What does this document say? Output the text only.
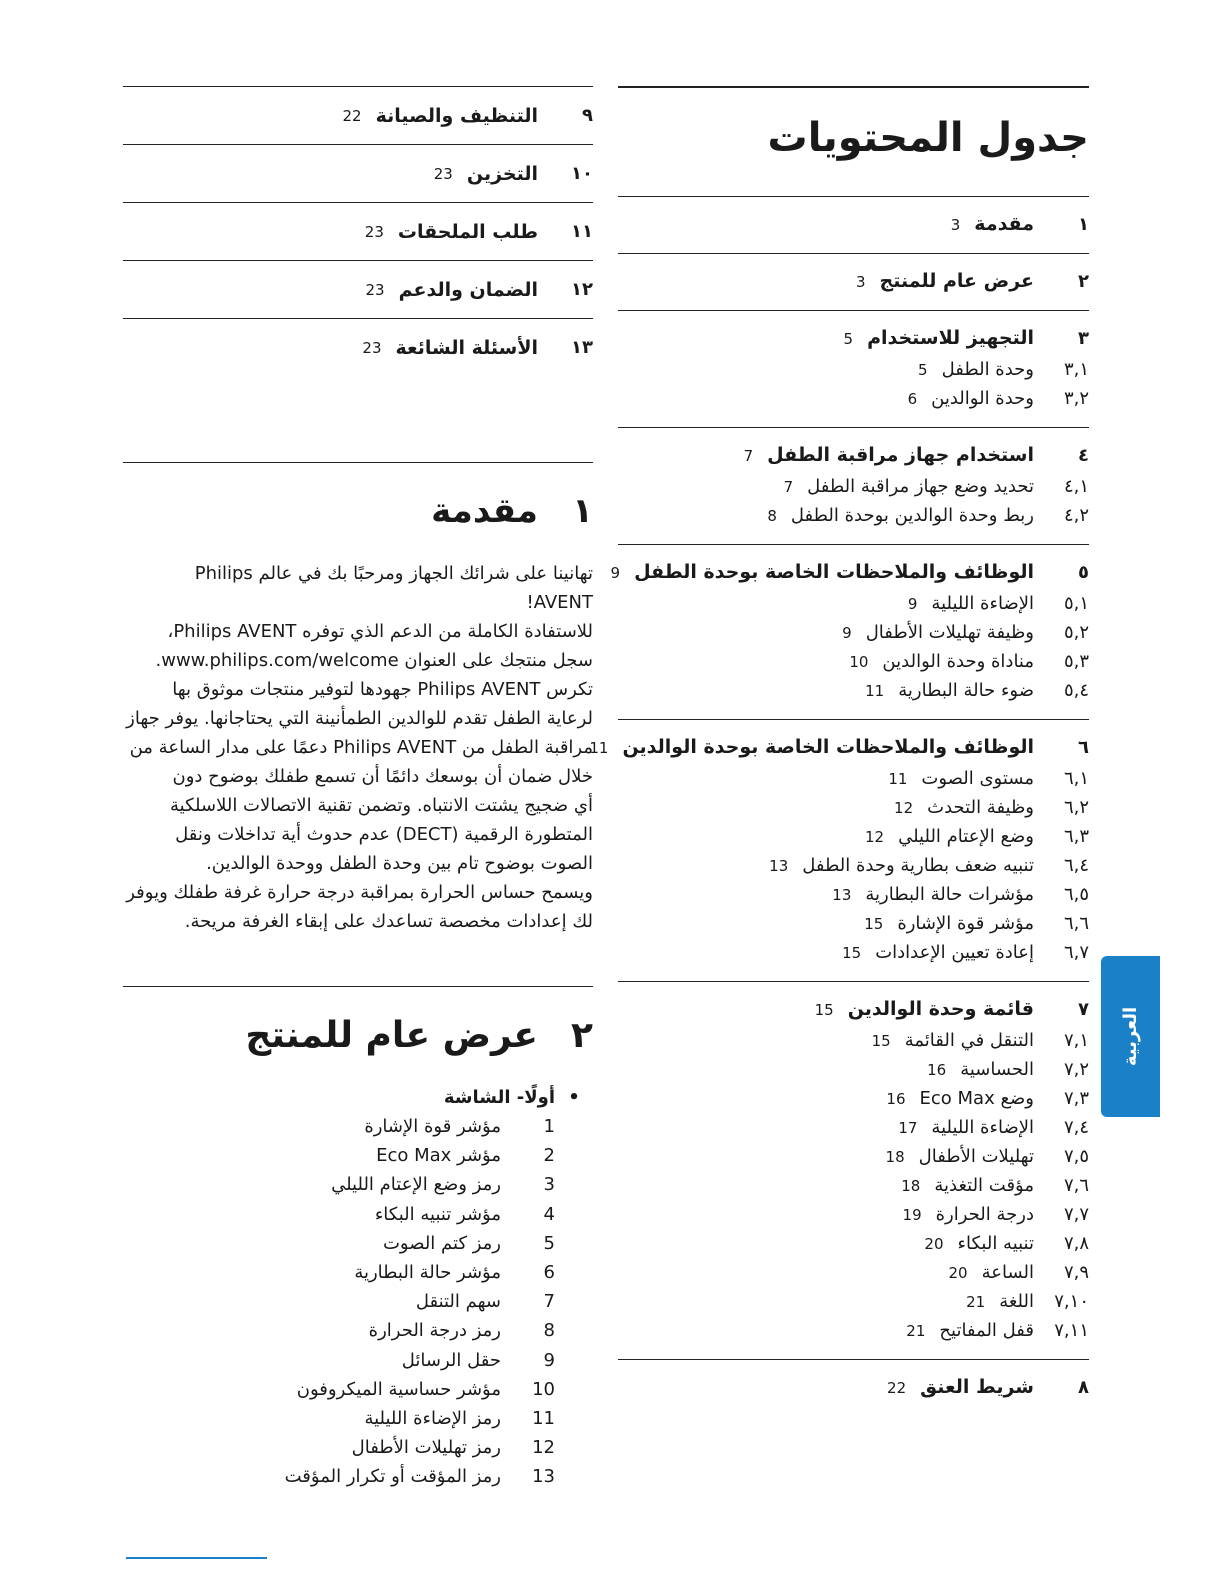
جدول المحتويات
١
مقدمة
3
٢
عرض عام للمنتج
3
٣
التجهيز للاستخدام
5
٣,١
وحدة الطفل
5
٣,٢
وحدة الوالدين
6
٤
استخدام جهاز مراقبة الطفل
7
٤,١
تحديد وضع جهاز مراقبة الطفل
7
٤,٢
ربط وحدة الوالدين بوحدة الطفل
8
٥
الوظائف والملاحظات الخاصة بوحدة الطفل
9
٥,١
الإضاءة الليلية
9
٥,٢
وظيفة تهليلات الأطفال
9
٥,٣
مناداة وحدة الوالدين
10
٥,٤
ضوء حالة البطارية
11
٦
الوظائف والملاحظات الخاصة بوحدة الوالدين
11
٦,١
مستوى الصوت
11
٦,٢
وظيفة التحدث
12
٦,٣
وضع الإعتام الليلي
12
٦,٤
تنبيه ضعف بطارية وحدة الطفل
13
٦,٥
مؤشرات حالة البطارية
13
٦,٦
مؤشر قوة الإشارة
15
٦,٧
إعادة تعيين الإعدادات
15
٧
قائمة وحدة الوالدين
15
٧,١
التنقل في القائمة
15
٧,٢
الحساسية
16
٧,٣
وضع Eco Max
16
٧,٤
الإضاءة الليلية
17
٧,٥
تهليلات الأطفال
18
٧,٦
مؤقت التغذية
18
٧,٧
درجة الحرارة
19
٧,٨
تنبيه البكاء
20
٧,٩
الساعة
20
٧,١٠
اللغة
21
٧,١١
قفل المفاتيح
21
٨
شريط العنق
22
٩
التنظيف والصيانة
22
١٠
التخزين
23
١١
طلب الملحقات
23
١٢
الضمان والدعم
23
١٣
الأسئلة الشائعة
23
١
مقدمة
تهانينا على شرائك الجهاز ومرحبًا بك في عالم Philips AVENT!
للاستفادة الكاملة من الدعم الذي توفره Philips AVENT،
سجل منتجك على العنوان www.philips.com/welcome.
تكرس Philips AVENT جهودها لتوفير منتجات موثوق بها
لرعاية الطفل تقدم للوالدين الطمأنينة التي يحتاجانها. يوفر جهاز
مراقبة الطفل من Philips AVENT دعمًا على مدار الساعة من
خلال ضمان أن بوسعك دائمًا أن تسمع طفلك بوضوح دون
أي ضجيج يشتت الانتباه. وتضمن تقنية الاتصالات اللاسلكية
المتطورة الرقمية (DECT) عدم حدوث أية تداخلات ونقل
الصوت بوضوح تام بين وحدة الطفل ووحدة الوالدين.
ويسمح حساس الحرارة بمراقبة درجة حرارة غرفة طفلك ويوفر
لك إعدادات مخصصة تساعدك على إبقاء الغرفة مريحة.
٢
عرض عام للمنتج
•
أولًا- الشاشة
1
مؤشر قوة الإشارة
2
مؤشر Eco Max
3
رمز وضع الإعتام الليلي
4
مؤشر تنبيه البكاء
5
رمز كتم الصوت
6
مؤشر حالة البطارية
7
سهم التنقل
8
رمز درجة الحرارة
9
حقل الرسائل
10
مؤشر حساسية الميكروفون
11
رمز الإضاءة الليلية
12
رمز تهليلات الأطفال
13
رمز المؤقت أو تكرار المؤقت
العربية
